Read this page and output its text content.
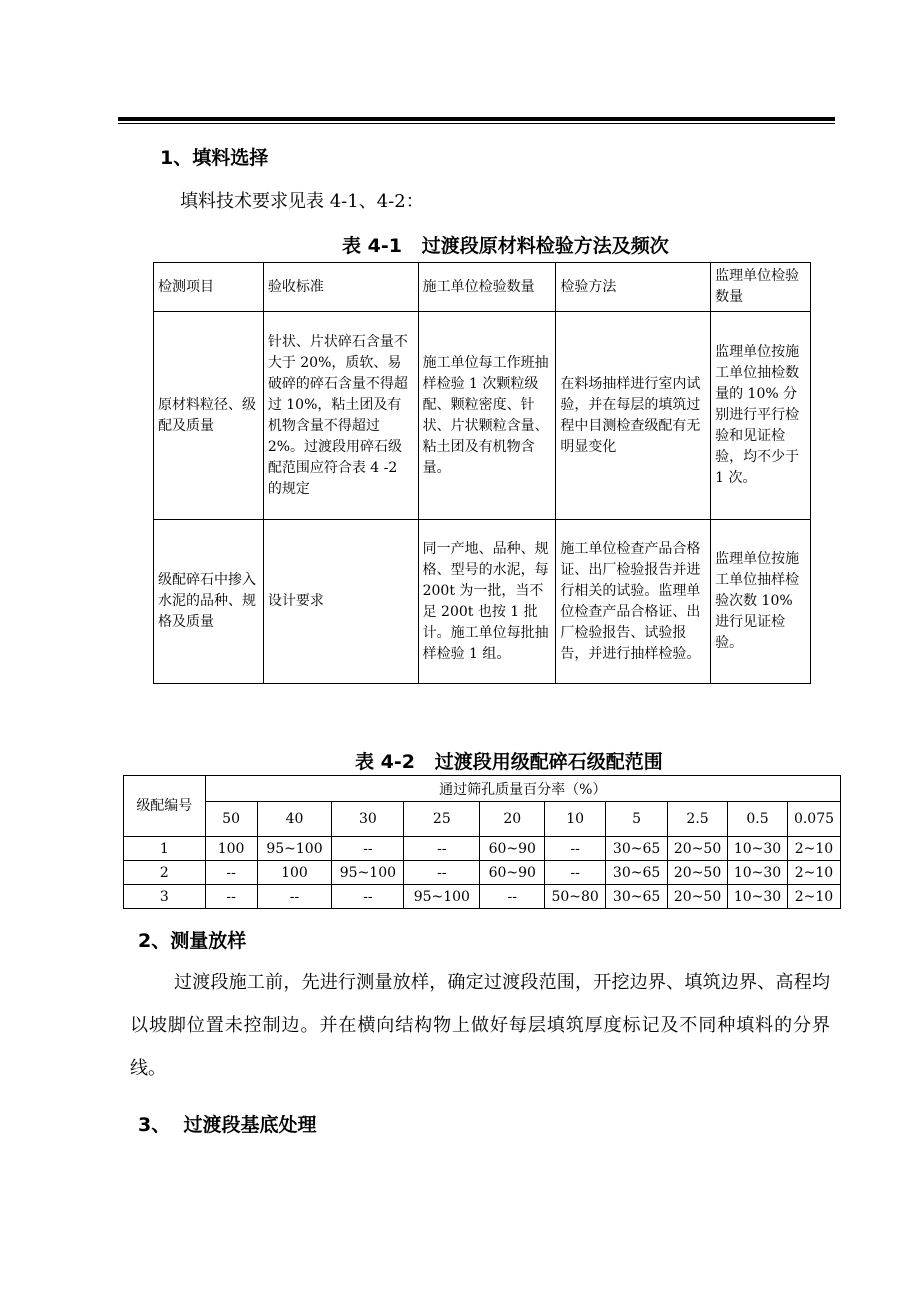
1、填料选择
填料技术要求见表 4-1、4-2：
表 4-1   过渡段原材料检验方法及频次
检测项目	验收标准	施工单位检验数量	检验方法	监理单位检验数量
原材料粒径、级配及质量	针状、片状碎石含量不大于 20%，质软、易破碎的碎石含量不得超过 10%，粘土团及有机物含量不得超过 2%。过渡段用碎石级配范围应符合表 4 -2 的规定	施工单位每工作班抽样检验 1 次颗粒级配、颗粒密度、针状、片状颗粒含量、粘土团及有机物含量。	在料场抽样进行室内试验，并在每层的填筑过程中目测检查级配有无明显变化	监理单位按施工单位抽检数量的 10% 分别进行平行检验和见证检验，均不少于 1 次。
级配碎石中掺入水泥的品种、规格及质量	设计要求	同一产地、品种、规格、型号的水泥，每 200t 为一批，当不足 200t 也按 1 批计。施工单位每批抽样检验 1 组。	施工单位检查产品合格证、出厂检验报告并进行相关的试验。监理单位检查产品合格证、出厂检验报告、试验报告，并进行抽样检验。	监理单位按施工单位抽样检验次数 10% 进行见证检验。
表 4-2   过渡段用级配碎石级配范围
级配编号	通过筛孔质量百分率（%）									
	50	40	30	25	20	10	5	2.5	0.5	0.075
1	100	95~100	--	--	60~90	--	30~65	20~50	10~30	2~10
2	--	100	95~100	--	60~90	--	30~65	20~50	10~30	2~10
3	--	--	--	95~100	--	50~80	30~65	20~50	10~30	2~10
2、测量放样
过渡段施工前，先进行测量放样，确定过渡段范围，开挖边界、填筑边界、高程均以坡脚位置未控制边。并在横向结构物上做好每层填筑厚度标记及不同种填料的分界线。
3、  过渡段基底处理
